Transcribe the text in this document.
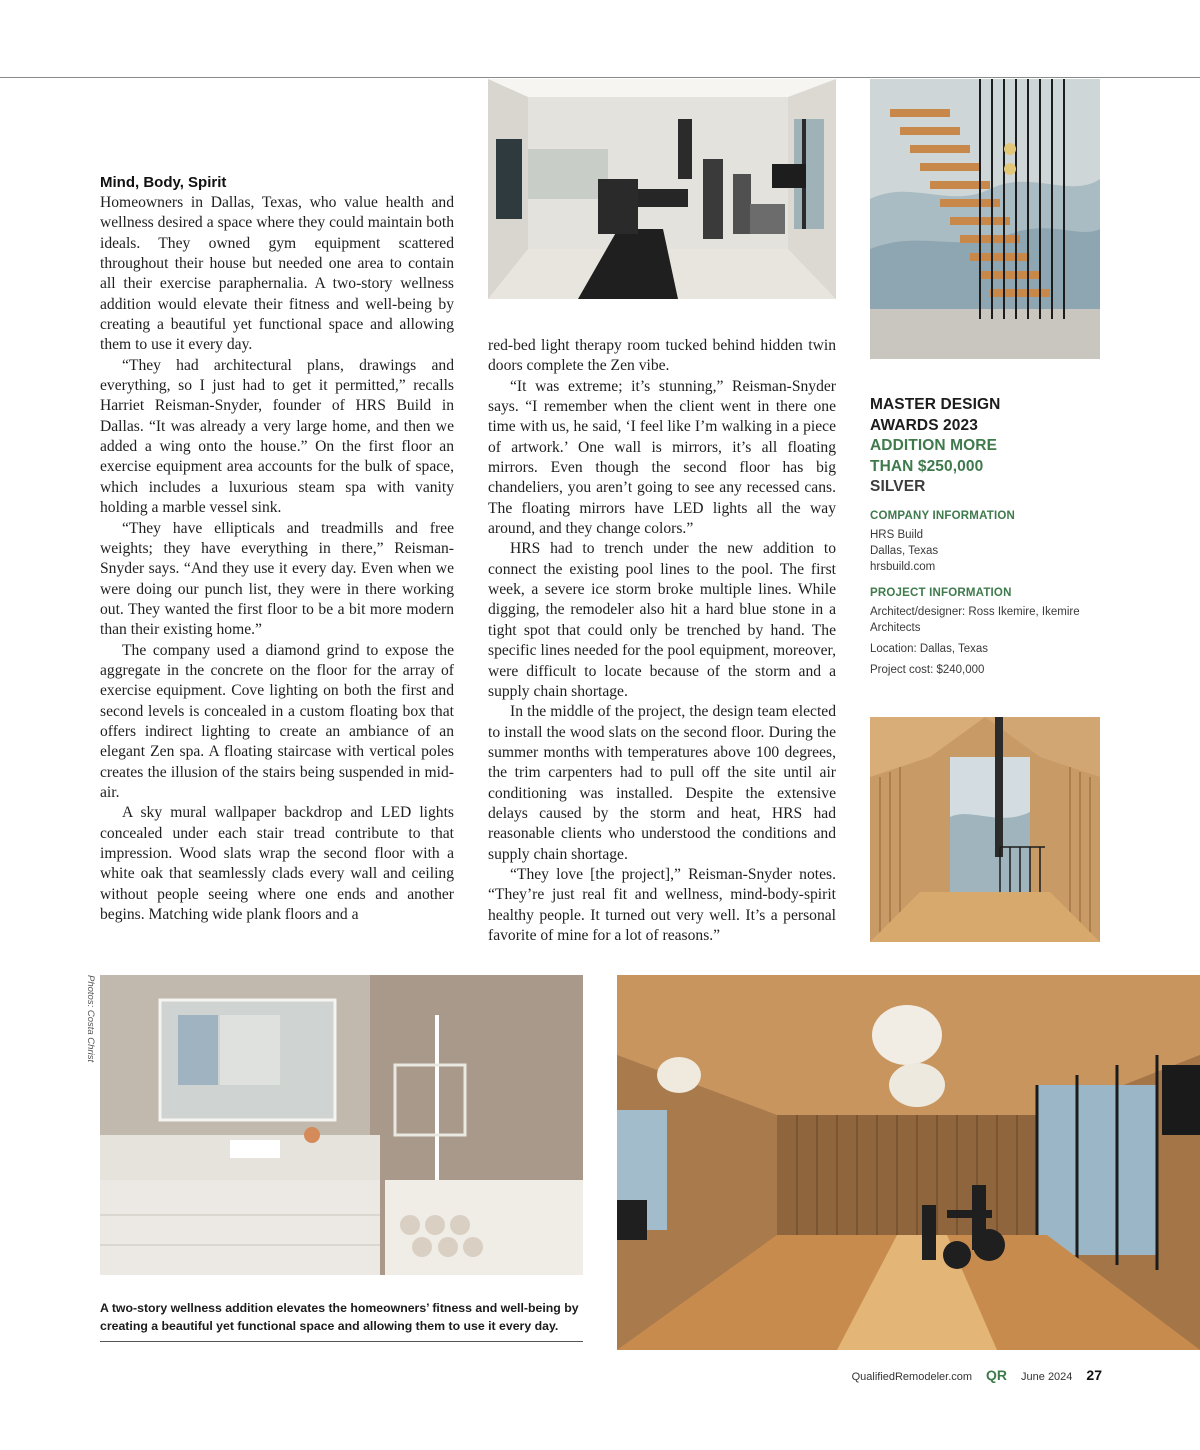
Mind, Body, Spirit

Homeowners in Dallas, Texas, who value health and wellness desired a space where they could maintain both ideals. They owned gym equipment scattered throughout their house but needed one area to contain all their exercise paraphernalia. A two-story wellness addition would elevate their fitness and well-being by creating a beautiful yet functional space and allowing them to use it every day.

“They had architectural plans, drawings and everything, so I just had to get it permitted,” recalls Harriet Reisman-Snyder, founder of HRS Build in Dallas. “It was already a very large home, and then we added a wing onto the house.” On the first floor an exercise equipment area accounts for the bulk of space, which includes a luxurious steam spa with vanity holding a marble vessel sink.

“They have ellipticals and treadmills and free weights; they have everything in there,” Reisman-Snyder says. “And they use it every day. Even when we were doing our punch list, they were in there working out. They wanted the first floor to be a bit more modern than their existing home.”

The company used a diamond grind to expose the aggregate in the concrete on the floor for the array of exercise equipment. Cove lighting on both the first and second levels is concealed in a custom floating box that offers indirect lighting to create an ambiance of an elegant Zen spa. A floating staircase with vertical poles creates the illusion of the stairs being suspended in mid-air.

A sky mural wallpaper backdrop and LED lights concealed under each stair tread contribute to that impression. Wood slats wrap the second floor with a white oak that seamlessly clads every wall and ceiling without people seeing where one ends and another begins. Matching wide plank floors and a

red-bed light therapy room tucked behind hidden twin doors complete the Zen vibe.

“It was extreme; it’s stunning,” Reisman-Snyder says. “I remember when the client went in there one time with us, he said, ‘I feel like I’m walking in a piece of artwork.’ One wall is mirrors, it’s all floating mirrors. Even though the second floor has big chandeliers, you aren’t going to see any recessed cans. The floating mirrors have LED lights all the way around, and they change colors.”

HRS had to trench under the new addition to connect the existing pool lines to the pool. The first week, a severe ice storm broke multiple lines. While digging, the remodeler also hit a hard blue stone in a tight spot that could only be trenched by hand. The specific lines needed for the pool equipment, moreover, were difficult to locate because of the storm and a supply chain shortage.

In the middle of the project, the design team elected to install the wood slats on the second floor. During the summer months with temperatures above 100 degrees, the trim carpenters had to pull off the site until air conditioning was installed. Despite the extensive delays caused by the storm and heat, HRS had reasonable clients who understood the conditions and supply chain shortage.

“They love [the project],” Reisman-Snyder notes. “They’re just real fit and wellness, mind-body-spirit healthy people. It turned out very well. It’s a personal favorite of mine for a lot of reasons.”

MASTER DESIGN
AWARDS 2023
ADDITION MORE
THAN $250,000
SILVER
COMPANY INFORMATION
HRS Build
Dallas, Texas
hrsbuild.com
PROJECT INFORMATION
Architect/designer: Ross Ikemire, Ikemire Architects
Location: Dallas, Texas
Project cost: $240,000
Photos: Costa Christ
A two-story wellness addition elevates the homeowners’ fitness and well-being by creating a beautiful yet functional space and allowing them to use it every day.
QualifiedRemodeler.com QR June 2024 27
